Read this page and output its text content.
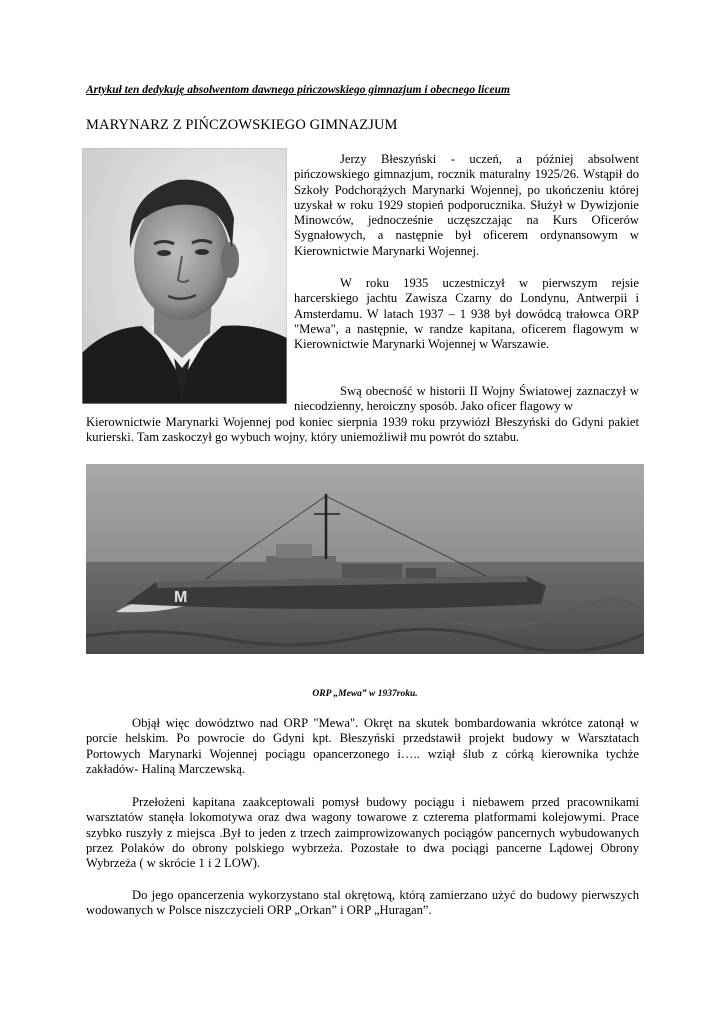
Artykuł ten dedykuję absolwentom dawnego pińczowskiego gimnazjum i obecnego liceum
MARYNARZ Z PIŃCZOWSKIEGO GIMNAZJUM
Jerzy Błeszyński - uczeń, a później absolwent pińczowskiego gimnazjum, rocznik maturalny 1925/26. Wstąpił do Szkoły Podchorążych Marynarki Wojennej, po ukończeniu której uzyskał w roku 1929 stopień podporucznika. Służył w Dywizjonie Minowców, jednocześnie uczęszczając na Kurs Oficerów Sygnałowych, a następnie był oficerem ordynansowym w Kierownictwie Marynarki Wojennej.
W roku 1935 uczestniczył w pierwszym rejsie harcerskiego jachtu Zawisza Czarny do Londynu, Antwerpii i Amsterdamu. W latach 1937 – 1 938 był dowódcą trałowca ORP "Mewa", a następnie, w randze kapitana, oficerem flagowym w Kierownictwie Marynarki Wojennej w Warszawie.
Swą obecność w historii II Wojny Światowej zaznaczył w niecodzienny, heroiczny sposób. Jako oficer flagowy w
Kierownictwie Marynarki Wojennej pod koniec sierpnia 1939 roku przywiózł Błeszyński do Gdyni pakiet kurierski. Tam zaskoczył go wybuch wojny, który uniemożliwił mu powrót do sztabu.
M
ORP „Mewa” w 1937roku.
Objął więc dowództwo nad ORP "Mewa". Okręt na skutek bombardowania wkrótce zatonął w porcie helskim. Po powrocie do Gdyni kpt. Błeszyński przedstawił projekt budowy w Warsztatach Portowych Marynarki Wojennej pociągu opancerzonego i….. wziął ślub z córką kierownika tychże zakładów- Haliną Marczewską.
Przełożeni kapitana zaakceptowali pomysł budowy pociągu i niebawem przed pracownikami warsztatów stanęła lokomotywa oraz dwa wagony towarowe z czterema platformami kolejowymi. Prace szybko ruszyły z miejsca .Był to jeden z trzech zaimprowizowanych pociągów pancernych wybudowanych przez Polaków do obrony polskiego wybrzeża. Pozostałe to dwa pociągi pancerne Lądowej Obrony Wybrzeża ( w skrócie 1 i 2 LOW).
Do jego opancerzenia wykorzystano stal okrętową, którą zamierzano użyć do budowy pierwszych wodowanych w Polsce niszczycieli ORP „Orkan” i ORP „Huragan”.
